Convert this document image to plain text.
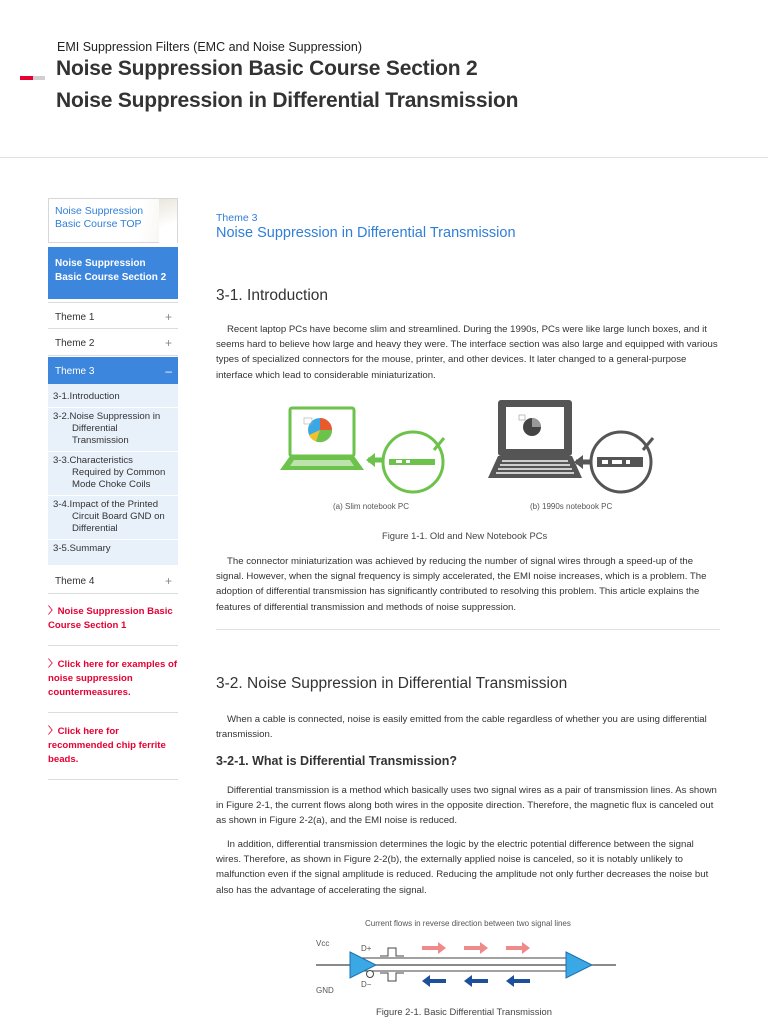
EMI Suppression Filters (EMC and Noise Suppression)
Noise Suppression Basic Course Section 2
Noise Suppression in Differential Transmission
Noise Suppression
Basic Course TOP
Noise Suppression Basic Course Section 2
Theme 1	+
Theme 2	+
Theme 3	–
3-1.Introduction
3-2.Noise Suppression in Differential Transmission
3-3.Characteristics Required by Common Mode Choke Coils
3-4.Impact of the Printed Circuit Board GND on Differential
3-5.Summary
Theme 4	+
〉Noise Suppression Basic Course Section 1
〉Click here for examples of noise suppression countermeasures.
〉Click here for recommended chip ferrite beads.
Theme 3
Noise Suppression in Differential Transmission
3-1. Introduction

Recent laptop PCs have become slim and streamlined. During the 1990s, PCs were like large lunch boxes, and it seems hard to believe how large and heavy they were. The interface section was also large and equipped with various types of specialized connectors for the mouse, printer, and other devices. It later changed to a general-purpose interface which lead to considerable miniaturization.

(a) Slim notebook PC	(b) 1990s notebook PC
Figure 1-1. Old and New Notebook PCs

The connector miniaturization was achieved by reducing the number of signal wires through a speed-up of the signal. However, when the signal frequency is simply accelerated, the EMI noise increases, which is a problem. The adoption of differential transmission has significantly contributed to resolving this problem. This article explains the features of differential transmission and methods of noise suppression.

3-2. Noise Suppression in Differential Transmission

When a cable is connected, noise is easily emitted from the cable regardless of whether you are using differential transmission.

3-2-1. What is Differential Transmission?

Differential transmission is a method which basically uses two signal wires as a pair of transmission lines. As shown in Figure 2-1, the current flows along both wires in the opposite direction. Therefore, the magnetic flux is canceled out as shown in Figure 2-2(a), and the EMI noise is reduced.

In addition, differential transmission determines the logic by the electric potential difference between the signal wires. Therefore, as shown in Figure 2-2(b), the externally applied noise is canceled, so it is notably unlikely to malfunction even if the signal amplitude is reduced. Reducing the amplitude not only further decreases the noise but also has the advantage of accelerating the signal.

Current flows in reverse direction between two signal lines
Vcc
GND
D+
D−
Figure 2-1. Basic Differential Transmission
